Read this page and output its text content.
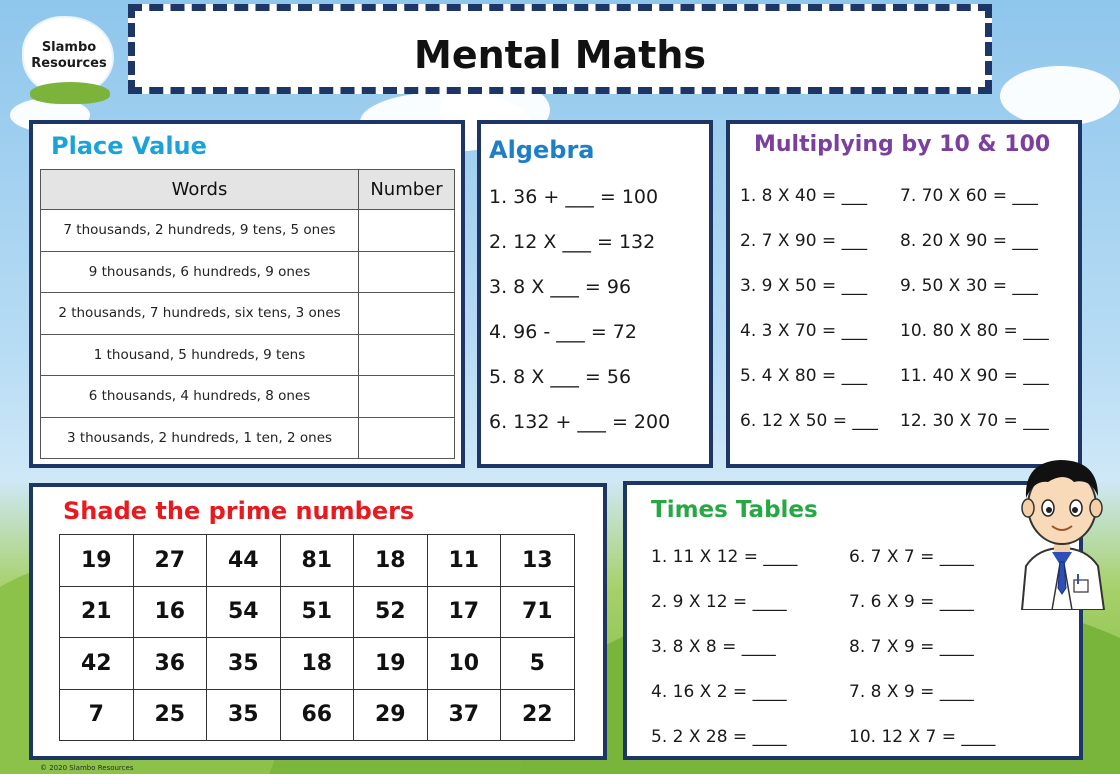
Slambo
Resources	Mental Maths
Place Value
Words	Number
7 thousands, 2 hundreds, 9 tens, 5 ones	
9 thousands, 6 hundreds, 9 ones	
2 thousands, 7 hundreds, six tens, 3 ones	
1 thousand, 5 hundreds, 9 tens	
6 thousands, 4 hundreds, 8 ones	
3 thousands, 2 hundreds, 1 ten, 2 ones	
Algebra
1. 36 + ___ = 100
2. 12 X ___ = 132
3. 8 X ___ = 96
4. 96 - ___ = 72
5. 8 X ___ = 56
6. 132 + ___ = 200
Multiplying by 10 & 100
1. 8 X 40 = ___
2. 7 X 90 = ___
3. 9 X 50 = ___
4. 3 X 70 = ___
5. 4 X 80 = ___
6. 12 X 50 = ___
7. 70 X 60 = ___
8. 20 X 90 = ___
9. 50 X 30 = ___
10. 80 X 80 = ___
11. 40 X 90 = ___
12. 30 X 70 = ___
Shade the prime numbers
19	27	44	81	18	11	13
21	16	54	51	52	17	71
42	36	35	18	19	10	5
7	25	35	66	29	37	22
Times Tables
1. 11 X 12 = ____
2. 9 X 12 = ____
3. 8 X 8 = ____
4. 16 X 2 = ____
5. 2 X 28 = ____
6. 7 X 7 = ____
7. 6 X 9 = ____
8. 7 X 9 = ____
7. 8 X 9 = ____
10. 12 X 7 = ____
© 2020 Slambo Resources
